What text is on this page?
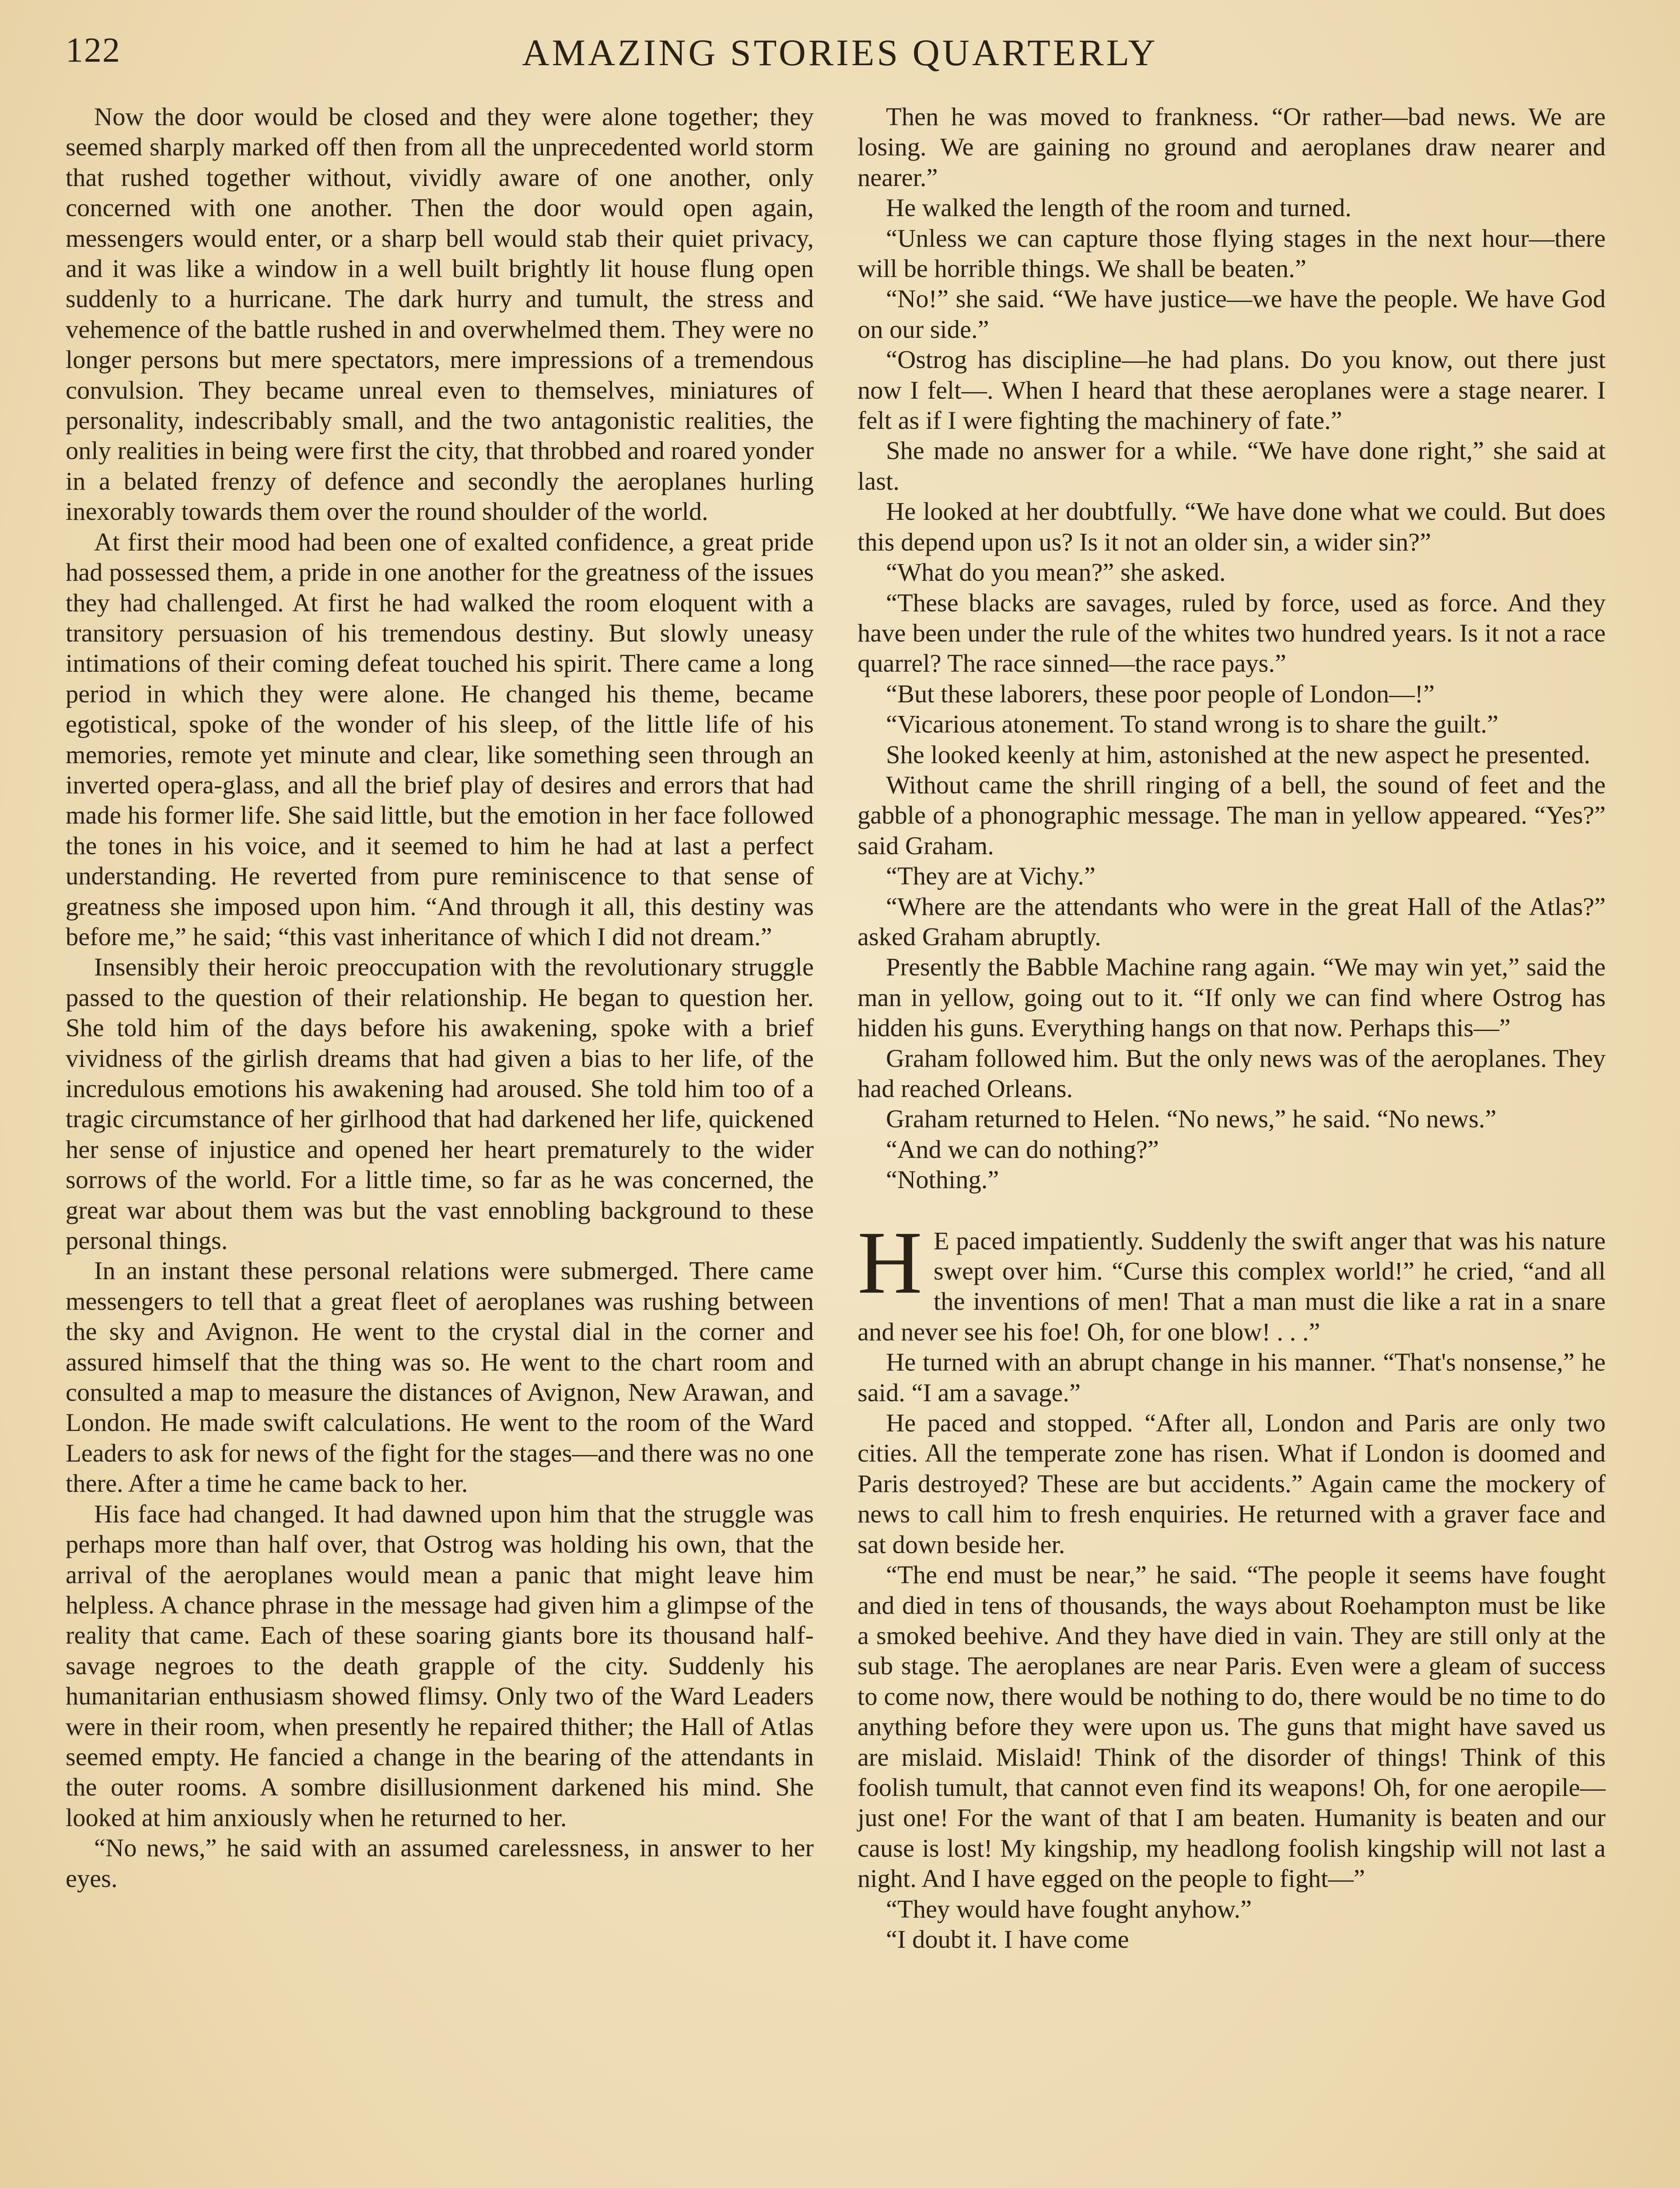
122	AMAZING STORIES QUARTERLY

Now the door would be closed and they were alone together; they seemed sharply marked off then from all the unprecedented world storm that rushed together without, vividly aware of one another, only concerned with one another. Then the door would open again, messengers would enter, or a sharp bell would stab their quiet privacy, and it was like a window in a well built brightly lit house flung open suddenly to a hurricane. The dark hurry and tumult, the stress and vehemence of the battle rushed in and overwhelmed them. They were no longer persons but mere spectators, mere impressions of a tremendous convulsion. They became unreal even to themselves, miniatures of personality, indescribably small, and the two antagonistic realities, the only realities in being were first the city, that throbbed and roared yonder in a belated frenzy of defence and secondly the aeroplanes hurling inexorably towards them over the round shoulder of the world.

At first their mood had been one of exalted confidence, a great pride had possessed them, a pride in one another for the greatness of the issues they had challenged. At first he had walked the room eloquent with a transitory persuasion of his tremendous destiny. But slowly uneasy intimations of their coming defeat touched his spirit. There came a long period in which they were alone. He changed his theme, became egotistical, spoke of the wonder of his sleep, of the little life of his memories, remote yet minute and clear, like something seen through an inverted opera-glass, and all the brief play of desires and errors that had made his former life. She said little, but the emotion in her face followed the tones in his voice, and it seemed to him he had at last a perfect understanding. He reverted from pure reminiscence to that sense of greatness she imposed upon him. “And through it all, this destiny was before me,” he said; “this vast inheritance of which I did not dream.”

Insensibly their heroic preoccupation with the revolutionary struggle passed to the question of their relationship. He began to question her. She told him of the days before his awakening, spoke with a brief vividness of the girlish dreams that had given a bias to her life, of the incredulous emotions his awakening had aroused. She told him too of a tragic circumstance of her girlhood that had darkened her life, quickened her sense of injustice and opened her heart prematurely to the wider sorrows of the world. For a little time, so far as he was concerned, the great war about them was but the vast ennobling background to these personal things.

In an instant these personal relations were submerged. There came messengers to tell that a great fleet of aeroplanes was rushing between the sky and Avignon. He went to the crystal dial in the corner and assured himself that the thing was so. He went to the chart room and consulted a map to measure the distances of Avignon, New Arawan, and London. He made swift calculations. He went to the room of the Ward Leaders to ask for news of the fight for the stages—and there was no one there. After a time he came back to her.

His face had changed. It had dawned upon him that the struggle was perhaps more than half over, that Ostrog was holding his own, that the arrival of the aeroplanes would mean a panic that might leave him helpless. A chance phrase in the message had given him a glimpse of the reality that came. Each of these soaring giants bore its thousand half-savage negroes to the death grapple of the city. Suddenly his humanitarian enthusiasm showed flimsy. Only two of the Ward Leaders were in their room, when presently he repaired thither; the Hall of Atlas seemed empty. He fancied a change in the bearing of the attendants in the outer rooms. A sombre disillusionment darkened his mind. She looked at him anxiously when he returned to her.

“No news,” he said with an assumed carelessness, in answer to her eyes.

Then he was moved to frankness. “Or rather—bad news. We are losing. We are gaining no ground and aeroplanes draw nearer and nearer.”

He walked the length of the room and turned.

“Unless we can capture those flying stages in the next hour—there will be horrible things. We shall be beaten.”

“No!” she said. “We have justice—we have the people. We have God on our side.”

“Ostrog has discipline—he had plans. Do you know, out there just now I felt—. When I heard that these aeroplanes were a stage nearer. I felt as if I were fighting the machinery of fate.”

She made no answer for a while. “We have done right,” she said at last.

He looked at her doubtfully. “We have done what we could. But does this depend upon us? Is it not an older sin, a wider sin?”

“What do you mean?” she asked.

“These blacks are savages, ruled by force, used as force. And they have been under the rule of the whites two hundred years. Is it not a race quarrel? The race sinned—the race pays.”

“But these laborers, these poor people of London—!”

“Vicarious atonement. To stand wrong is to share the guilt.”

She looked keenly at him, astonished at the new aspect he presented.

Without came the shrill ringing of a bell, the sound of feet and the gabble of a phonographic message. The man in yellow appeared. “Yes?” said Graham.

“They are at Vichy.”

“Where are the attendants who were in the great Hall of the Atlas?” asked Graham abruptly.

Presently the Babble Machine rang again. “We may win yet,” said the man in yellow, going out to it. “If only we can find where Ostrog has hidden his guns. Everything hangs on that now. Perhaps this—”

Graham followed him. But the only news was of the aeroplanes. They had reached Orleans.

Graham returned to Helen. “No news,” he said. “No news.”

“And we can do nothing?”

“Nothing.”

H E paced impatiently. Suddenly the swift anger that was his nature swept over him. “Curse this complex world!” he cried, “and all the inventions of men! That a man must die like a rat in a snare and never see his foe! Oh, for one blow! . . .”

He turned with an abrupt change in his manner. “That's nonsense,” he said. “I am a savage.”

He paced and stopped. “After all, London and Paris are only two cities. All the temperate zone has risen. What if London is doomed and Paris destroyed? These are but accidents.” Again came the mockery of news to call him to fresh enquiries. He returned with a graver face and sat down beside her.

“The end must be near,” he said. “The people it seems have fought and died in tens of thousands, the ways about Roehampton must be like a smoked beehive. And they have died in vain. They are still only at the sub stage. The aeroplanes are near Paris. Even were a gleam of success to come now, there would be nothing to do, there would be no time to do anything before they were upon us. The guns that might have saved us are mislaid. Mislaid! Think of the disorder of things! Think of this foolish tumult, that cannot even find its weapons! Oh, for one aeropile—just one! For the want of that I am beaten. Humanity is beaten and our cause is lost! My kingship, my headlong foolish kingship will not last a night. And I have egged on the people to fight—”

“They would have fought anyhow.”

“I doubt it. I have come
